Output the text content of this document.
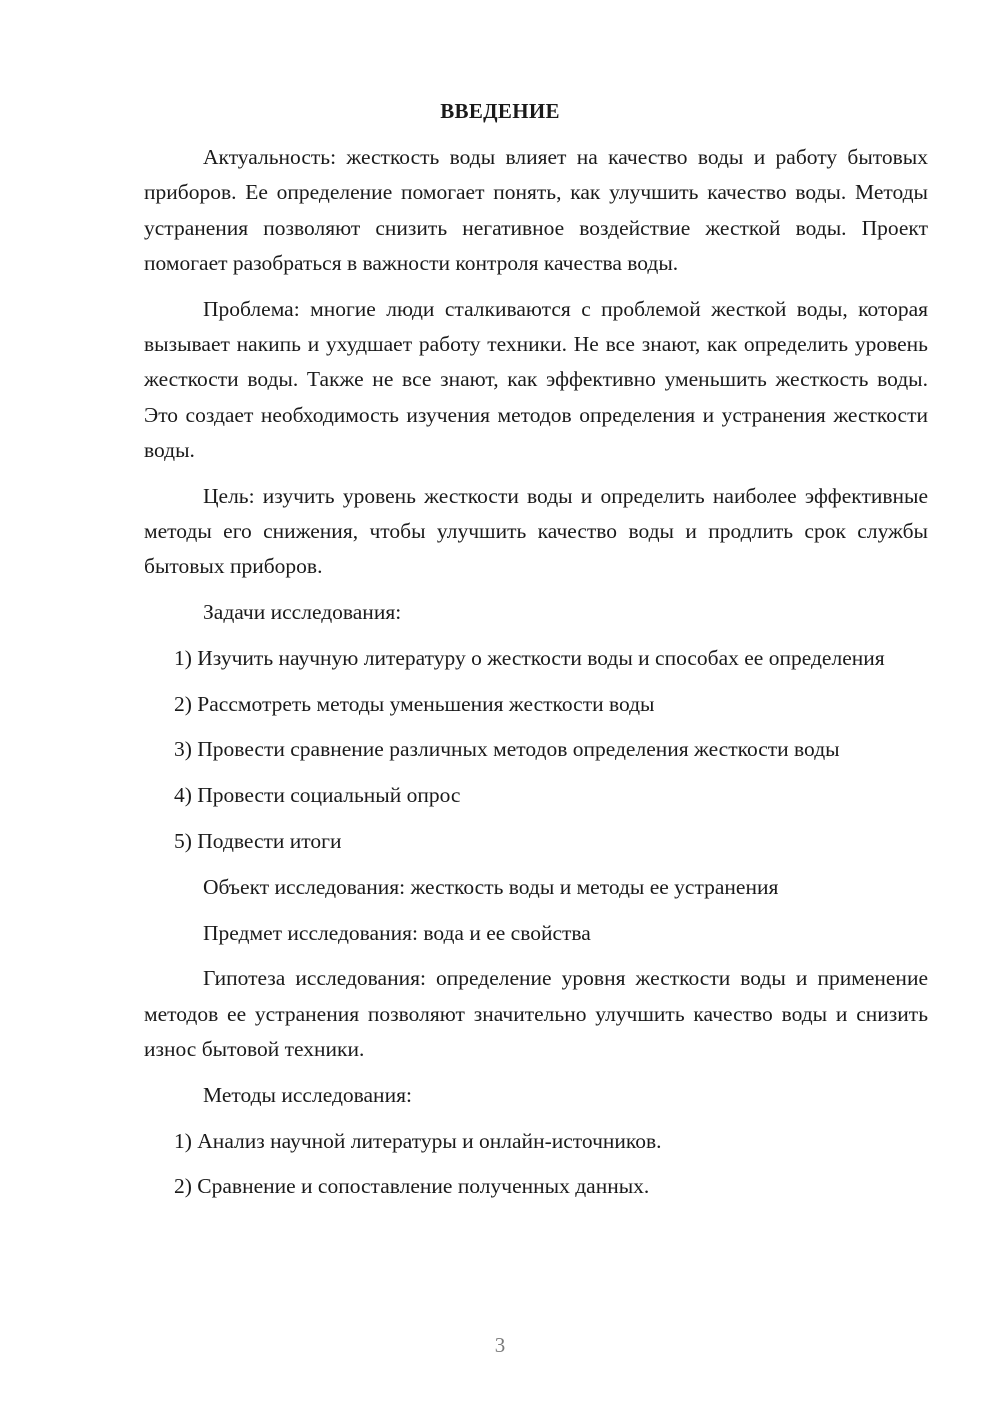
ВВЕДЕНИЕ

Актуальность: жесткость воды влияет на качество воды и работу бытовых приборов. Ее определение помогает понять, как улучшить качество воды. Методы устранения позволяют снизить негативное воздействие жесткой воды. Проект помогает разобраться в важности контроля качества воды.

Проблема: многие люди сталкиваются с проблемой жесткой воды, которая вызывает накипь и ухудшает работу техники. Не все знают, как определить уровень жесткости воды. Также не все знают, как эффективно уменьшить жесткость воды. Это создает необходимость изучения методов определения и устранения жесткости воды.

Цель: изучить уровень жесткости воды и определить наиболее эффективные методы его снижения, чтобы улучшить качество воды и продлить срок службы бытовых приборов.

Задачи исследования:

1) Изучить научную литературу о жесткости воды и способах ее определения

2) Рассмотреть методы уменьшения жесткости воды

3) Провести сравнение различных методов определения жесткости воды

4) Провести социальный опрос

5) Подвести итоги

Объект исследования: жесткость воды и методы ее устранения

Предмет исследования: вода и ее свойства

Гипотеза исследования: определение уровня жесткости воды и применение методов ее устранения позволяют значительно улучшить качество воды и снизить износ бытовой техники.

Методы исследования:

1) Анализ научной литературы и онлайн-источников.

2) Сравнение и сопоставление полученных данных.

3
